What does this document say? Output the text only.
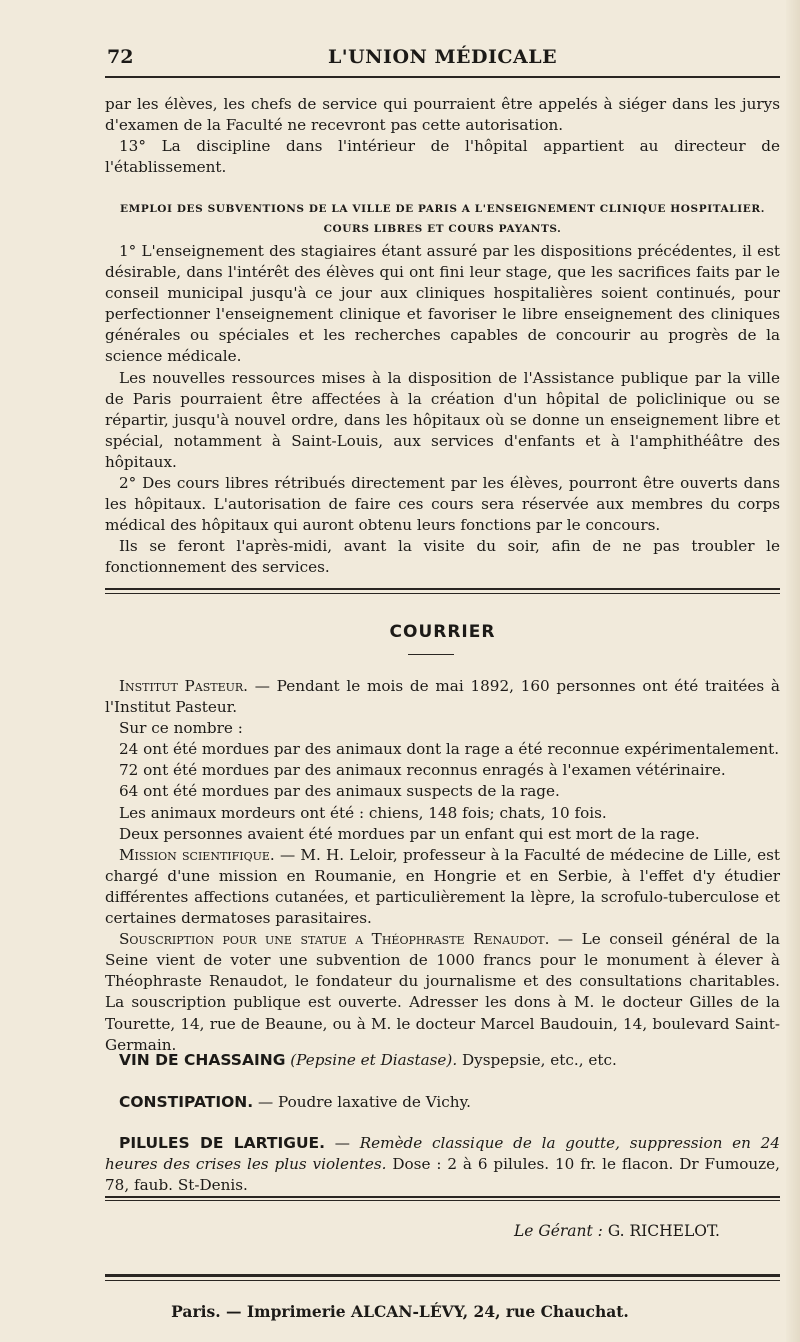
72	L'UNION MÉDICALE

par les élèves, les chefs de service qui pourraient être appelés à siéger dans les jurys d'examen de la Faculté ne recevront pas cette autorisation.

13° La discipline dans l'intérieur de l'hôpital appartient au directeur de l'établissement.

EMPLOI DES SUBVENTIONS DE LA VILLE DE PARIS A L'ENSEIGNEMENT CLINIQUE HOSPITALIER.
COURS LIBRES ET COURS PAYANTS.

1° L'enseignement des stagiaires étant assuré par les dispositions précédentes, il est désirable, dans l'intérêt des élèves qui ont fini leur stage, que les sacrifices faits par le conseil municipal jusqu'à ce jour aux cliniques hospitalières soient continués, pour perfectionner l'enseignement clinique et favoriser le libre enseignement des cliniques générales ou spéciales et les recherches capables de concourir au progrès de la science médicale.

Les nouvelles ressources mises à la disposition de l'Assistance publique par la ville de Paris pourraient être affectées à la création d'un hôpital de policlinique ou se répartir, jusqu'à nouvel ordre, dans les hôpitaux où se donne un enseignement libre et spécial, notamment à Saint-Louis, aux services d'enfants et à l'amphithéâtre des hôpitaux.

2° Des cours libres rétribués directement par les élèves, pourront être ouverts dans les hôpitaux. L'autorisation de faire ces cours sera réservée aux membres du corps médical des hôpitaux qui auront obtenu leurs fonctions par le concours.

Ils se feront l'après-midi, avant la visite du soir, afin de ne pas troubler le fonctionnement des services.

COURRIER

Institut Pasteur. — Pendant le mois de mai 1892, 160 personnes ont été traitées à l'Institut Pasteur.

Sur ce nombre :

24 ont été mordues par des animaux dont la rage a été reconnue expérimentalement.

72 ont été mordues par des animaux reconnus enragés à l'examen vétérinaire.

64 ont été mordues par des animaux suspects de la rage.

Les animaux mordeurs ont été : chiens, 148 fois; chats, 10 fois.

Deux personnes avaient été mordues par un enfant qui est mort de la rage.

Mission scientifique. — M. H. Leloir, professeur à la Faculté de médecine de Lille, est chargé d'une mission en Roumanie, en Hongrie et en Serbie, à l'effet d'y étudier différentes affections cutanées, et particulièrement la lèpre, la scrofulo-tuberculose et certaines dermatoses parasitaires.

Souscription pour une statue a Théophraste Renaudot. — Le conseil général de la Seine vient de voter une subvention de 1000 francs pour le monument à élever à Théophraste Renaudot, le fondateur du journalisme et des consultations charitables. La souscription publique est ouverte. Adresser les dons à M. le docteur Gilles de la Tourette, 14, rue de Beaune, ou à M. le docteur Marcel Baudouin, 14, boulevard Saint-Germain.

VIN DE CHASSAING (Pepsine et Diastase). Dyspepsie, etc., etc.
CONSTIPATION. — Poudre laxative de Vichy.
PILULES DE LARTIGUE. — Remède classique de la goutte, suppression en 24 heures des crises les plus violentes. Dose : 2 à 6 pilules. 10 fr. le flacon. Dr Fumouze, 78, faub. St-Denis.
Le Gérant : G. RICHELOT.
Paris. — Imprimerie ALCAN-LÉVY, 24, rue Chauchat.
